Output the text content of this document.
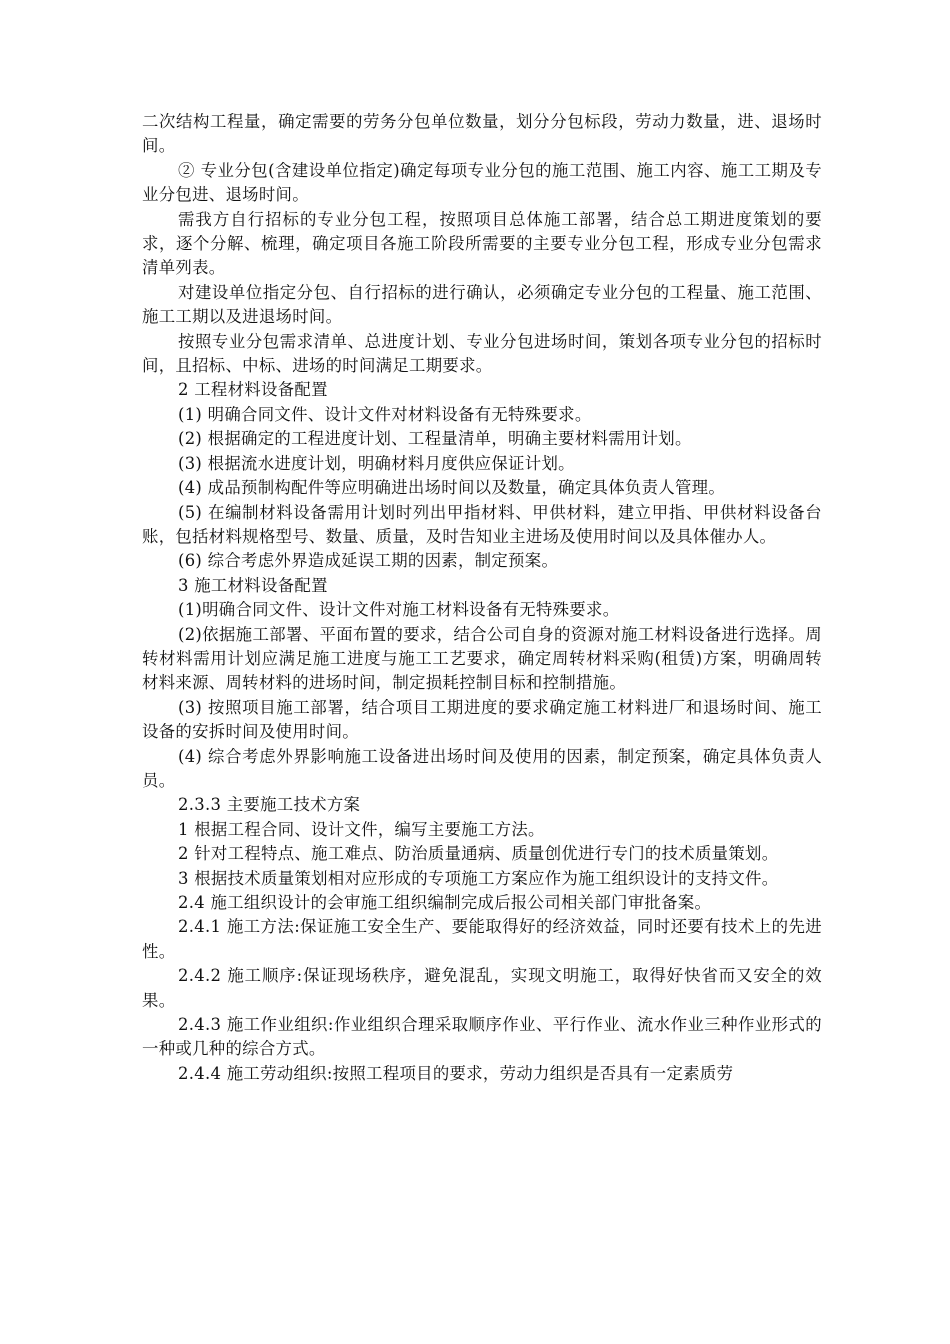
二次结构工程量，确定需要的劳务分包单位数量，划分分包标段，劳动力数量，进、退场时间。

② 专业分包(含建设单位指定)确定每项专业分包的施工范围、施工内容、施工工期及专业分包进、退场时间。

需我方自行招标的专业分包工程，按照项目总体施工部署，结合总工期进度策划的要求，逐个分解、梳理，确定项目各施工阶段所需要的主要专业分包工程，形成专业分包需求清单列表。

对建设单位指定分包、自行招标的进行确认，必须确定专业分包的工程量、施工范围、施工工期以及进退场时间。

按照专业分包需求清单、总进度计划、专业分包进场时间，策划各项专业分包的招标时间，且招标、中标、进场的时间满足工期要求。

2 工程材料设备配置

(1) 明确合同文件、设计文件对材料设备有无特殊要求。

(2) 根据确定的工程进度计划、工程量清单，明确主要材料需用计划。

(3) 根据流水进度计划，明确材料月度供应保证计划。

(4) 成品预制构配件等应明确进出场时间以及数量，确定具体负责人管理。

(5) 在编制材料设备需用计划时列出甲指材料、甲供材料，建立甲指、甲供材料设备台账，包括材料规格型号、数量、质量，及时告知业主进场及使用时间以及具体催办人。

(6) 综合考虑外界造成延误工期的因素，制定预案。

3 施工材料设备配置

(1)明确合同文件、设计文件对施工材料设备有无特殊要求。

(2)依据施工部署、平面布置的要求，结合公司自身的资源对施工材料设备进行选择。周转材料需用计划应满足施工进度与施工工艺要求，确定周转材料采购(租赁)方案，明确周转材料来源、周转材料的进场时间，制定损耗控制目标和控制措施。

(3) 按照项目施工部署，结合项目工期进度的要求确定施工材料进厂和退场时间、施工设备的安拆时间及使用时间。

(4) 综合考虑外界影响施工设备进出场时间及使用的因素，制定预案，确定具体负责人员。

2.3.3 主要施工技术方案

1 根据工程合同、设计文件，编写主要施工方法。

2 针对工程特点、施工难点、防治质量通病、质量创优进行专门的技术质量策划。

3 根据技术质量策划相对应形成的专项施工方案应作为施工组织设计的支持文件。

2.4 施工组织设计的会审施工组织编制完成后报公司相关部门审批备案。

2.4.1 施工方法:保证施工安全生产、要能取得好的经济效益，同时还要有技术上的先进性。

2.4.2 施工顺序:保证现场秩序，避免混乱，实现文明施工，取得好快省而又安全的效果。

2.4.3 施工作业组织:作业组织合理采取顺序作业、平行作业、流水作业三种作业形式的一种或几种的综合方式。

2.4.4 施工劳动组织:按照工程项目的要求，劳动力组织是否具有一定素质劳
